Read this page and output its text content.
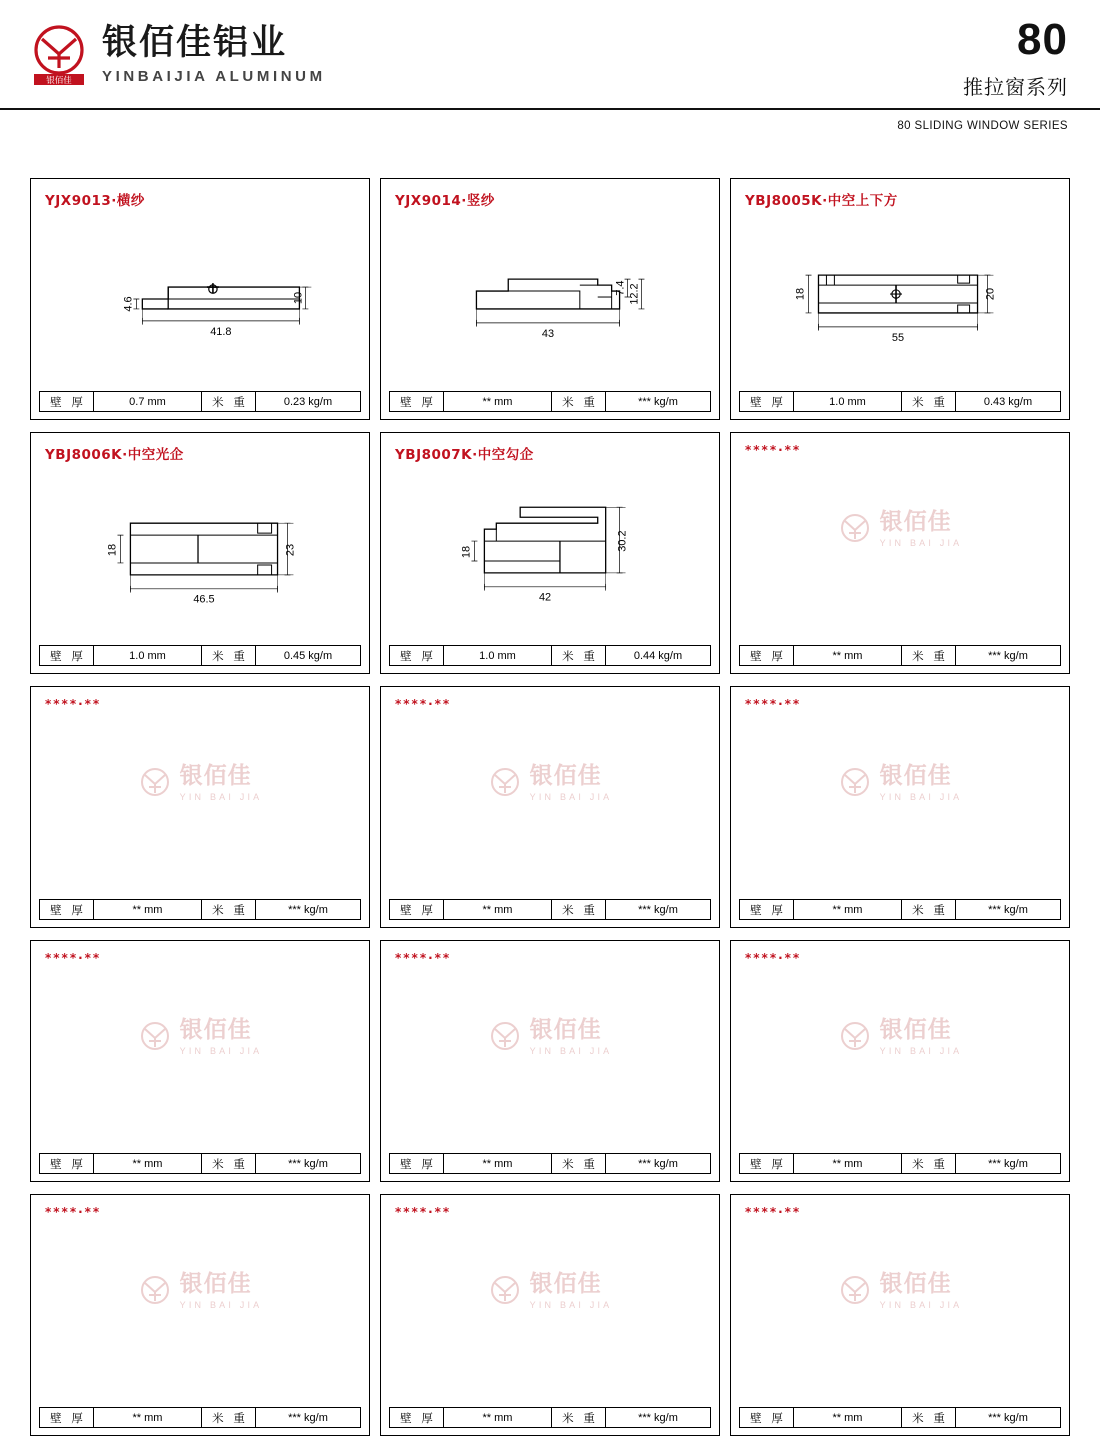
银佰佳
银佰佳铝业
YINBAIJIA ALUMINUM
80
推拉窗系列
80 SLIDING WINDOW SERIES
YJX9013·横纱
10
4.6
41.8
壁 厚	0.7 mm	米 重	0.23 kg/m
YJX9014·竖纱
7.4 12.2
43
壁 厚	** mm	米 重	*** kg/m
YBJ8005K·中空上下方
18	20
55
壁 厚	1.0 mm	米 重	0.43 kg/m
YBJ8006K·中空光企
18	23
46.5
壁 厚	1.0 mm	米 重	0.45 kg/m
YBJ8007K·中空勾企
18
30.2
42
壁 厚	1.0 mm	米 重	0.44 kg/m
****·**
银佰佳
YIN BAI JIA
壁 厚	** mm	米 重	*** kg/m
****·**
银佰佳
YIN BAI JIA
壁 厚	** mm	米 重	*** kg/m
****·**
银佰佳
YIN BAI JIA
壁 厚	** mm	米 重	*** kg/m
****·**
银佰佳
YIN BAI JIA
壁 厚	** mm	米 重	*** kg/m
****·**
银佰佳
YIN BAI JIA
壁 厚	** mm	米 重	*** kg/m
****·**
银佰佳
YIN BAI JIA
壁 厚	** mm	米 重	*** kg/m
****·**
银佰佳
YIN BAI JIA
壁 厚	** mm	米 重	*** kg/m
****·**
银佰佳
YIN BAI JIA
壁 厚	** mm	米 重	*** kg/m
****·**
银佰佳
YIN BAI JIA
壁 厚	** mm	米 重	*** kg/m
****·**
银佰佳
YIN BAI JIA
壁 厚	** mm	米 重	*** kg/m
